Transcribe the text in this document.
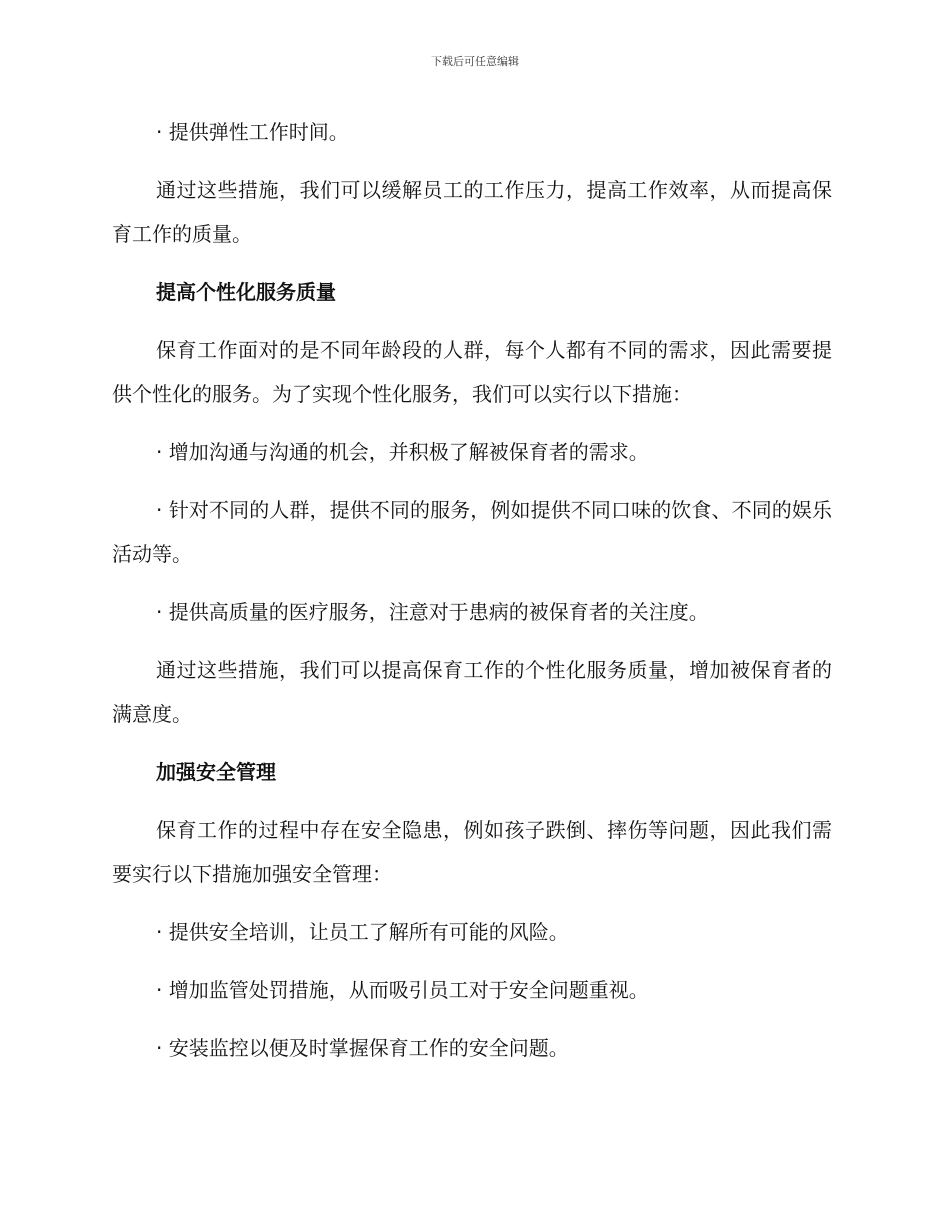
下载后可任意编辑

· 提供弹性工作时间。

通过这些措施，我们可以缓解员工的工作压力，提高工作效率，从而提高保育工作的质量。

提高个性化服务质量

保育工作面对的是不同年龄段的人群，每个人都有不同的需求，因此需要提供个性化的服务。为了实现个性化服务，我们可以实行以下措施：

· 增加沟通与沟通的机会，并积极了解被保育者的需求。

· 针对不同的人群，提供不同的服务，例如提供不同口味的饮食、不同的娱乐活动等。

· 提供高质量的医疗服务，注意对于患病的被保育者的关注度。

通过这些措施，我们可以提高保育工作的个性化服务质量，增加被保育者的满意度。

加强安全管理

保育工作的过程中存在安全隐患，例如孩子跌倒、摔伤等问题，因此我们需要实行以下措施加强安全管理：

· 提供安全培训，让员工了解所有可能的风险。

· 增加监管处罚措施，从而吸引员工对于安全问题重视。

· 安装监控以便及时掌握保育工作的安全问题。
